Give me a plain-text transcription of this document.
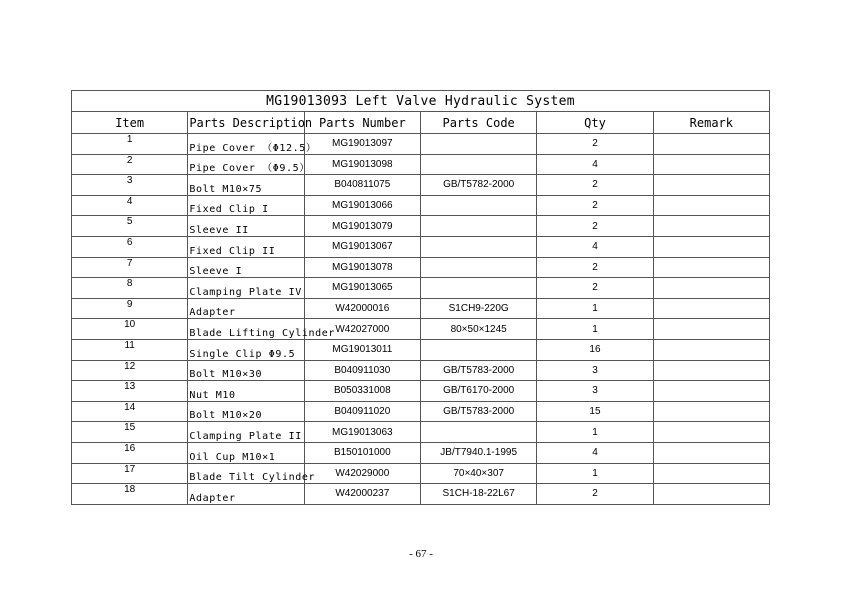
MG19013093 Left Valve Hydraulic System					
Item	Parts Description	Parts Number	Parts Code	Qty	Remark
1	Pipe Cover （Φ12.5）	MG19013097		2	
2	Pipe Cover （Φ9.5）	MG19013098		4	
3	Bolt M10×75	B040811075	GB/T5782-2000	2	
4	Fixed Clip I	MG19013066		2	
5	Sleeve II	MG19013079		2	
6	Fixed Clip II	MG19013067		4	
7	Sleeve I	MG19013078		2	
8	Clamping Plate IV	MG19013065		2	
9	Adapter	W42000016	S1CH9-220G	1	
10	Blade Lifting Cylinder	W42027000	80×50×1245	1	
11	Single Clip Φ9.5	MG19013011		16	
12	Bolt M10×30	B040911030	GB/T5783-2000	3	
13	Nut M10	B050331008	GB/T6170-2000	3	
14	Bolt M10×20	B040911020	GB/T5783-2000	15	
15	Clamping Plate II	MG19013063		1	
16	Oil Cup M10×1	B150101000	JB/T7940.1-1995	4	
17	Blade Tilt Cylinder	W42029000	70×40×307	1	
18	Adapter	W42000237	S1CH-18-22L67	2	
- 67 -
